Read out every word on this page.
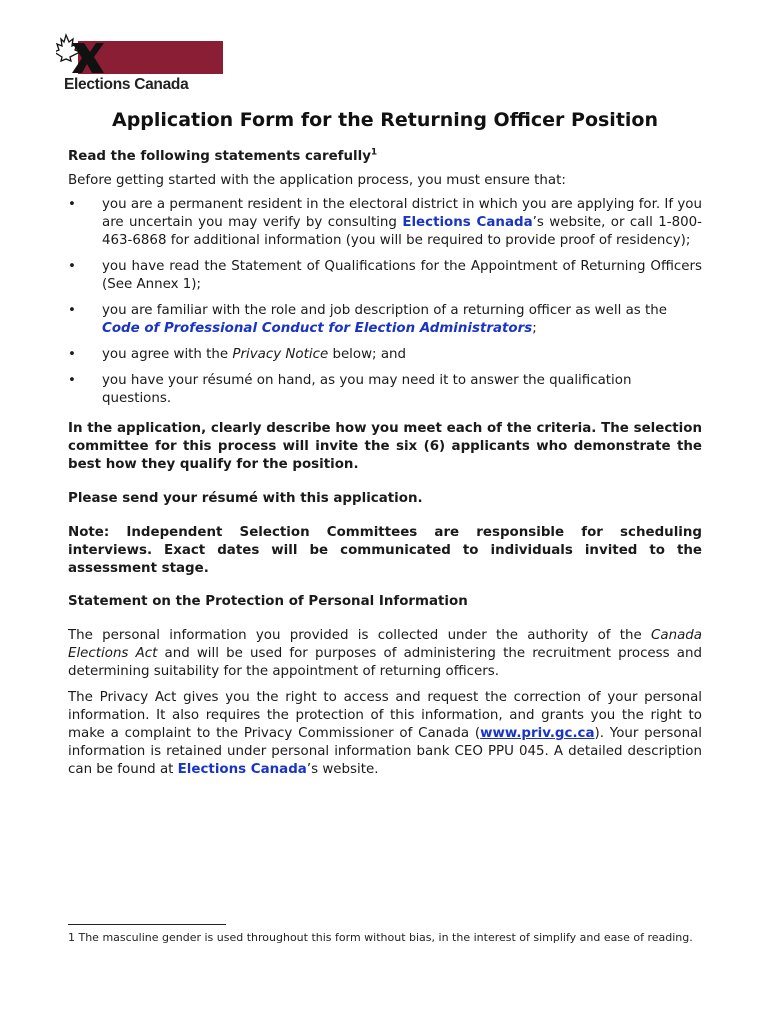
Elections Canada
Application Form for the Returning Officer Position

Read the following statements carefully$^1$

Before getting started with the application process, you must ensure that:

• you are a permanent resident in the electoral district in which you are applying for. If you are uncertain you may verify by consulting Elections Canada’s website, or call 1-800-463-6868 for additional information (you will be required to provide proof of residency);
• you have read the Statement of Qualifications for the Appointment of Returning Officers (See Annex 1);
• you are familiar with the role and job description of a returning officer as well as the Code of Professional Conduct for Election Administrators;
• you agree with the Privacy Notice below; and
• you have your résumé on hand, as you may need it to answer the qualification questions.

In the application, clearly describe how you meet each of the criteria. The selection committee for this process will invite the six (6) applicants who demonstrate the best how they qualify for the position.

Please send your résumé with this application.

Note: Independent Selection Committees are responsible for scheduling interviews. Exact dates will be communicated to individuals invited to the assessment stage.

Statement on the Protection of Personal Information

The personal information you provided is collected under the authority of the Canada Elections Act and will be used for purposes of administering the recruitment process and determining suitability for the appointment of returning officers.

The Privacy Act gives you the right to access and request the correction of your personal information. It also requires the protection of this information, and grants you the right to make a complaint to the Privacy Commissioner of Canada (www.priv.gc.ca). Your personal information is retained under personal information bank CEO PPU 045. A detailed description can be found at Elections Canada’s website.

1 The masculine gender is used throughout this form without bias, in the interest of simplify and ease of reading.
